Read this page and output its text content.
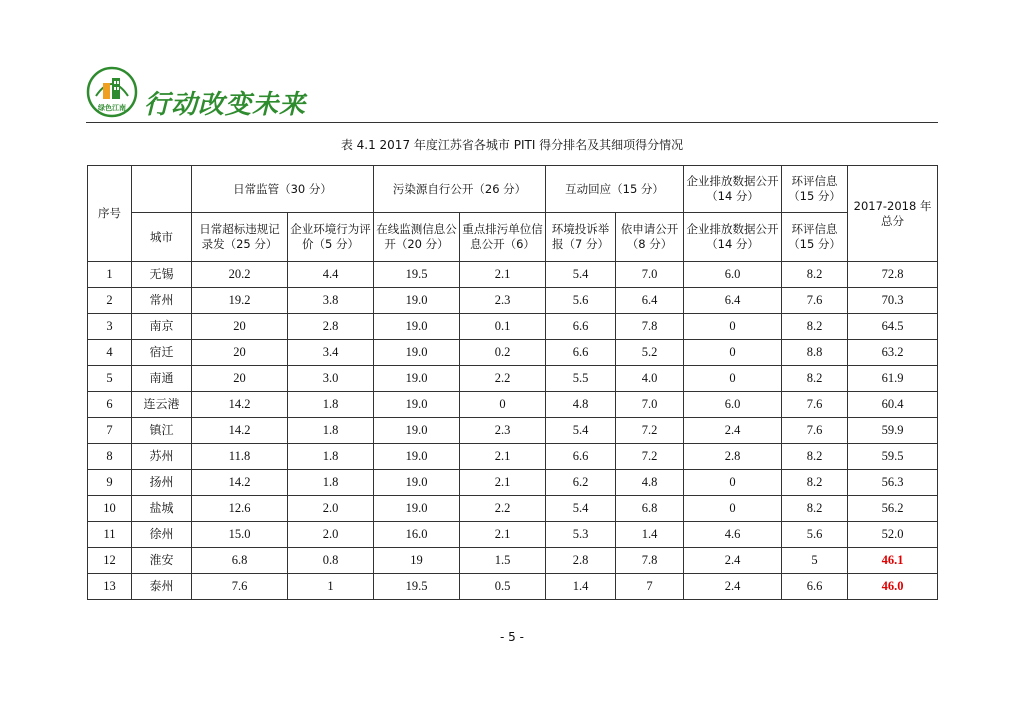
绿色江南 行动改变未来
表 4.1 2017 年度江苏省各城市 PITI 得分排名及其细项得分情况
序号		日常监管（30 分）		污染源自行公开（26 分）		互动回应（15 分）		企业排放数据公开（14 分）	环评信息（15 分）	2017-2018 年总分
	城市	日常超标违规记录发（25 分）	企业环境行为评价（5 分）	在线监测信息公开（20 分）	重点排污单位信息公开（6）	环境投诉举报（7 分）	依申请公开（8 分）	企业排放数据公开（14 分）	环评信息（15 分）	
1	无锡	20.2	4.4	19.5	2.1	5.4	7.0	6.0	8.2	72.8
2	常州	19.2	3.8	19.0	2.3	5.6	6.4	6.4	7.6	70.3
3	南京	20	2.8	19.0	0.1	6.6	7.8	0	8.2	64.5
4	宿迁	20	3.4	19.0	0.2	6.6	5.2	0	8.8	63.2
5	南通	20	3.0	19.0	2.2	5.5	4.0	0	8.2	61.9
6	连云港	14.2	1.8	19.0	0	4.8	7.0	6.0	7.6	60.4
7	镇江	14.2	1.8	19.0	2.3	5.4	7.2	2.4	7.6	59.9
8	苏州	11.8	1.8	19.0	2.1	6.6	7.2	2.8	8.2	59.5
9	扬州	14.2	1.8	19.0	2.1	6.2	4.8	0	8.2	56.3
10	盐城	12.6	2.0	19.0	2.2	5.4	6.8	0	8.2	56.2
11	徐州	15.0	2.0	16.0	2.1	5.3	1.4	4.6	5.6	52.0
12	淮安	6.8	0.8	19	1.5	2.8	7.8	2.4	5	46.1
13	泰州	7.6	1	19.5	0.5	1.4	7	2.4	6.6	46.0
- 5 -
